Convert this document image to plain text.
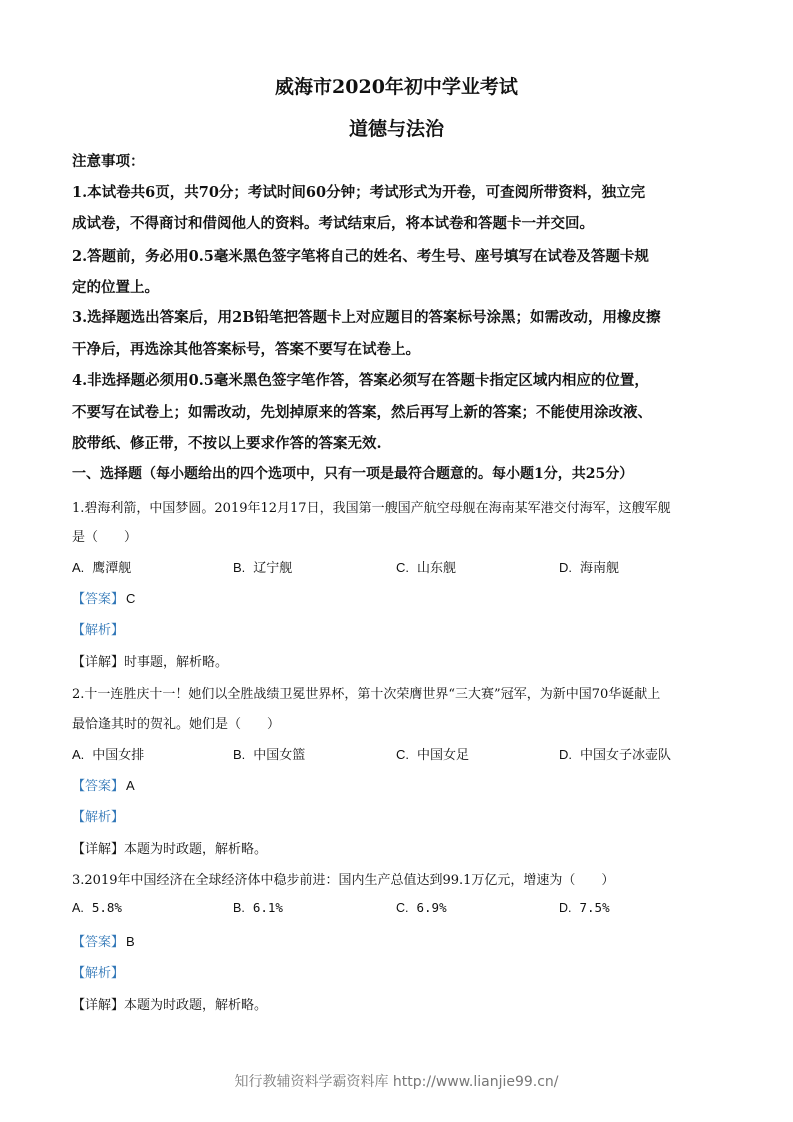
威海市2020年初中学业考试
道德与法治
注意事项：
1.本试卷共6页，共70分；考试时间60分钟；考试形式为开卷，可查阅所带资料，独立完
成试卷，不得商讨和借阅他人的资料。考试结束后，将本试卷和答题卡一并交回。
2.答题前，务必用0.5毫米黑色签字笔将自己的姓名、考生号、座号填写在试卷及答题卡规
定的位置上。
3.选择题选出答案后，用2B铅笔把答题卡上对应题目的答案标号涂黑；如需改动，用橡皮擦
干净后，再选涂其他答案标号，答案不要写在试卷上。
4.非选择题必须用0.5毫米黑色签字笔作答，答案必须写在答题卡指定区域内相应的位置，
不要写在试卷上；如需改动，先划掉原来的答案，然后再写上新的答案；不能使用涂改液、
胶带纸、修正带，不按以上要求作答的答案无效.
一、选择题（每小题给出的四个选项中，只有一项是最符合题意的。每小题1分，共25分）
1.碧海利箭，中国梦圆。2019年12月17日，我国第一艘国产航空母舰在海南某军港交付海军，这艘军舰
是（　　）
A. 鹰潭舰	B. 辽宁舰	C. 山东舰	D. 海南舰
【答案】 C
【解析】
【详解】时事题，解析略。
2.十一连胜庆十一！她们以全胜战绩卫冕世界杯，第十次荣膺世界“三大赛”冠军，为新中国70华诞献上
最恰逢其时的贺礼。她们是（　　）
A. 中国女排	B. 中国女篮	C. 中国女足	D. 中国女子冰壶队
【答案】 A
【解析】
【详解】本题为时政题，解析略。
3.2019年中国经济在全球经济体中稳步前进：国内生产总值达到99.1万亿元，增速为（　　）
A. 5.8%	B. 6.1%	C. 6.9%	D. 7.5%
【答案】 B
【解析】
【详解】本题为时政题，解析略。
知行教辅资料学霸资料库 http://www.lianjie99.cn/
